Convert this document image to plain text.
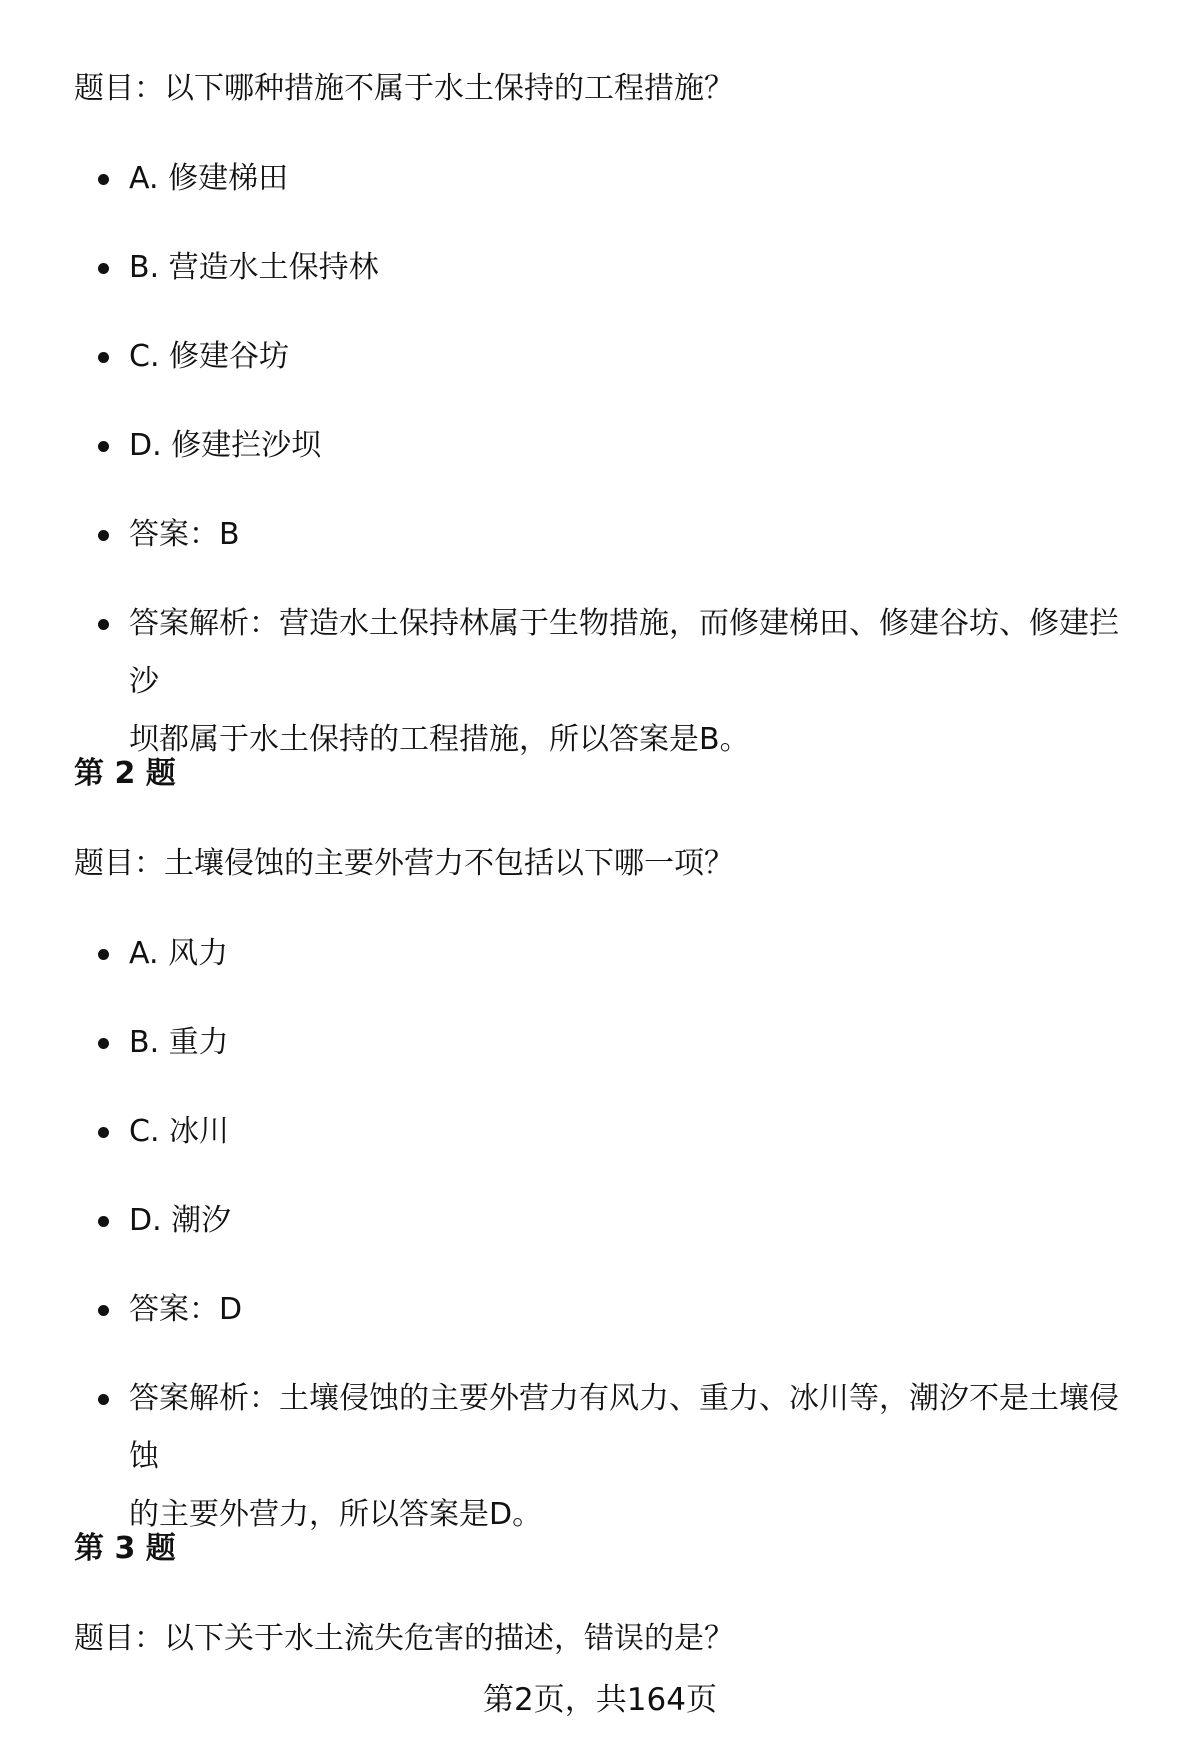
题目：以下哪种措施不属于水土保持的工程措施？

A. 修建梯田
B. 营造水土保持林
C. 修建谷坊
D. 修建拦沙坝
答案：B
答案解析：营造水土保持林属于生物措施，而修建梯田、修建谷坊、修建拦沙
坝都属于水土保持的工程措施，所以答案是B。

第 2 题

题目：土壤侵蚀的主要外营力不包括以下哪一项？

A. 风力
B. 重力
C. 冰川
D. 潮汐
答案：D
答案解析：土壤侵蚀的主要外营力有风力、重力、冰川等，潮汐不是土壤侵蚀
的主要外营力，所以答案是D。

第 3 题

题目：以下关于水土流失危害的描述，错误的是？

第2页，共164页
